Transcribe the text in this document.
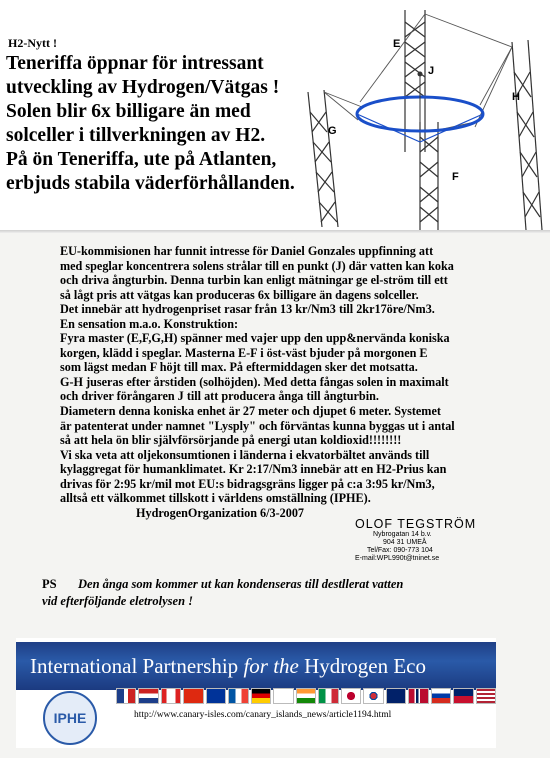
H2-Nytt !
Teneriffa öppnar för intressant
utveckling av Hydrogen/Vätgas !
Solen blir 6x billigare än med
solceller i tillverkningen av H2.
På ön Teneriffa, ute på Atlanten,
erbjuds stabila väderförhållanden.
E
J
H
G
F
EU-kommisionen har funnit intresse för Daniel Gonzales uppfinning att
med speglar koncentrera solens strålar till en punkt (J) där vatten kan koka
och driva ångturbin. Denna turbin kan enligt mätningar ge el-ström till ett
så lågt pris att vätgas kan produceras 6x billigare än dagens solceller.
Det innebär att hydrogenpriset rasar från 13 kr/Nm3 till 2kr17öre/Nm3.
En sensation m.a.o. Konstruktion:
Fyra master (E,F,G,H) spänner med vajer upp den upp&nervända koniska
korgen, klädd i speglar. Masterna E-F i öst-väst bjuder på morgonen E
som lägst medan F höjt till max. På eftermiddagen sker det motsatta.
G-H juseras efter årstiden (solhöjden). Med detta fångas solen in maximalt
och driver förångaren J till att producera ånga till ångturbin.
Diametern denna koniska enhet är 27 meter och djupet 6 meter. Systemet
är patenterat under namnet "Lysply" och förväntas kunna byggas ut i antal
så att hela ön blir självförsörjande på energi utan koldioxid!!!!!!!!
Vi ska veta att oljekonsumtionen i länderna i ekvatorbältet används till
kylaggregat för humanklimatet. Kr 2:17/Nm3 innebär att en H2-Prius kan
drivas för 2:95 kr/mil mot EU:s bidragsgräns ligger på c:a 3:95 kr/Nm3,
alltså ett välkommet tillskott i världens omställning (IPHE).
HydrogenOrganization 6/3-2007
OLOF TEGSTRÖM
Nybrogatan 14 b.v.
904 31 UMEÅ
Tel/Fax: 090-773 104
E-mail:WPL990t@tninet.se
PS Den ånga som kommer ut kan kondenseras till destllerat vatten
vid efterföljande eletrolysen !
International Partnership for the Hydrogen Eco
IPHE	http://www.canary-isles.com/canary_islands_news/article1194.html
